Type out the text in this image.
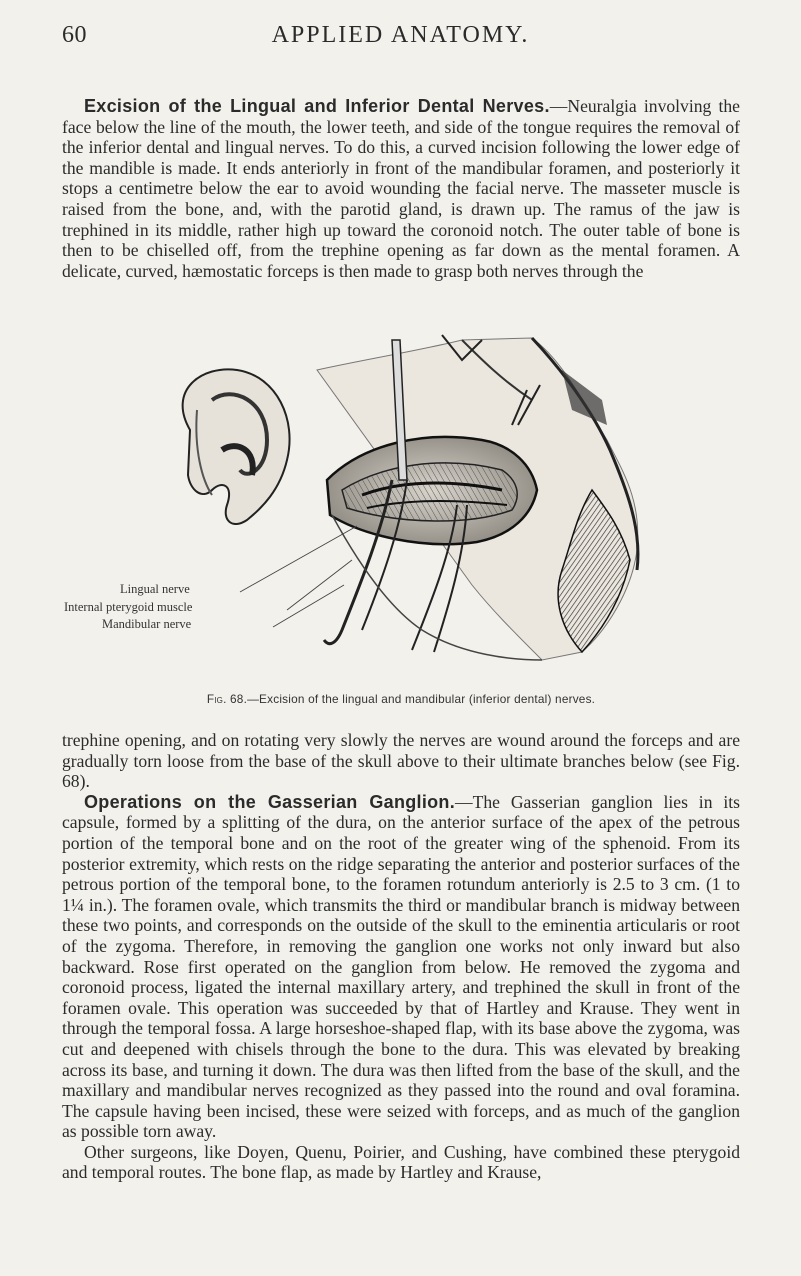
60	APPLIED ANATOMY.

Excision of the Lingual and Inferior Dental Nerves.—Neuralgia involving the face below the line of the mouth, the lower teeth, and side of the tongue requires the removal of the inferior dental and lingual nerves. To do this, a curved incision following the lower edge of the mandible is made. It ends anteriorly in front of the mandibular foramen, and posteriorly it stops a centimetre below the ear to avoid wounding the facial nerve. The masseter muscle is raised from the bone, and, with the parotid gland, is drawn up. The ramus of the jaw is trephined in its middle, rather high up toward the coronoid notch. The outer table of bone is then to be chiselled off, from the trephine opening as far down as the mental foramen. A delicate, curved, hæmostatic forceps is then made to grasp both nerves through the

Lingual nerve
Internal pterygoid muscle
Mandibular nerve
Fig. 68.—Excision of the lingual and mandibular (inferior dental) nerves.

trephine opening, and on rotating very slowly the nerves are wound around the forceps and are gradually torn loose from the base of the skull above to their ultimate branches below (see Fig. 68).

Operations on the Gasserian Ganglion.—The Gasserian ganglion lies in its capsule, formed by a splitting of the dura, on the anterior surface of the apex of the petrous portion of the temporal bone and on the root of the greater wing of the sphenoid. From its posterior extremity, which rests on the ridge separating the anterior and posterior surfaces of the petrous portion of the temporal bone, to the foramen rotundum anteriorly is 2.5 to 3 cm. (1 to 1¼ in.). The foramen ovale, which transmits the third or mandibular branch is midway between these two points, and corresponds on the outside of the skull to the eminentia articularis or root of the zygoma. Therefore, in removing the ganglion one works not only inward but also backward. Rose first operated on the ganglion from below. He removed the zygoma and coronoid process, ligated the internal maxillary artery, and trephined the skull in front of the foramen ovale. This operation was succeeded by that of Hartley and Krause. They went in through the temporal fossa. A large horseshoe-shaped flap, with its base above the zygoma, was cut and deepened with chisels through the bone to the dura. This was elevated by breaking across its base, and turning it down. The dura was then lifted from the base of the skull, and the maxillary and mandibular nerves recognized as they passed into the round and oval foramina. The capsule having been incised, these were seized with forceps, and as much of the ganglion as possible torn away.

Other surgeons, like Doyen, Quenu, Poirier, and Cushing, have combined these pterygoid and temporal routes. The bone flap, as made by Hartley and Krause,
